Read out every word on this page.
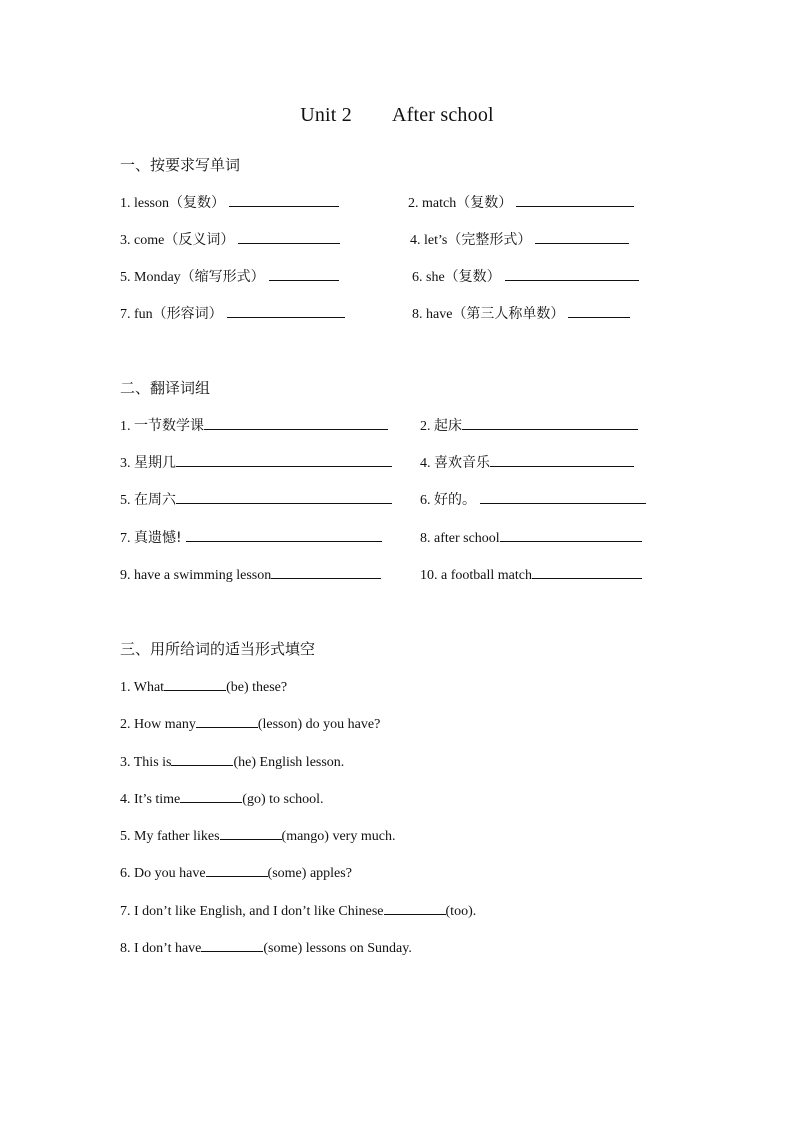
Unit 2 After school
一、按要求写单词
1. lesson（复数）	2. match（复数）
3. come（反义词）	4. let’s（完整形式）
5. Monday（缩写形式）	6. she（复数）
7. fun（形容词）	8. have（第三人称单数）
二、翻译词组
1. 一节数学课	2. 起床
3. 星期几	4. 喜欢音乐
5. 在周六	6. 好的。
7. 真遗憾!	8. after school
9. have a swimming lesson	10. a football match
三、用所给词的适当形式填空
1. What	(be) these?
2. How many	(lesson) do you have?
3. This is	(he) English lesson.
4. It’s time	(go) to school.
5. My father likes	(mango) very much.
6. Do you have	(some) apples?
7. I don’t like English, and I don’t like Chinese	(too).
8. I don’t have	(some) lessons on Sunday.
